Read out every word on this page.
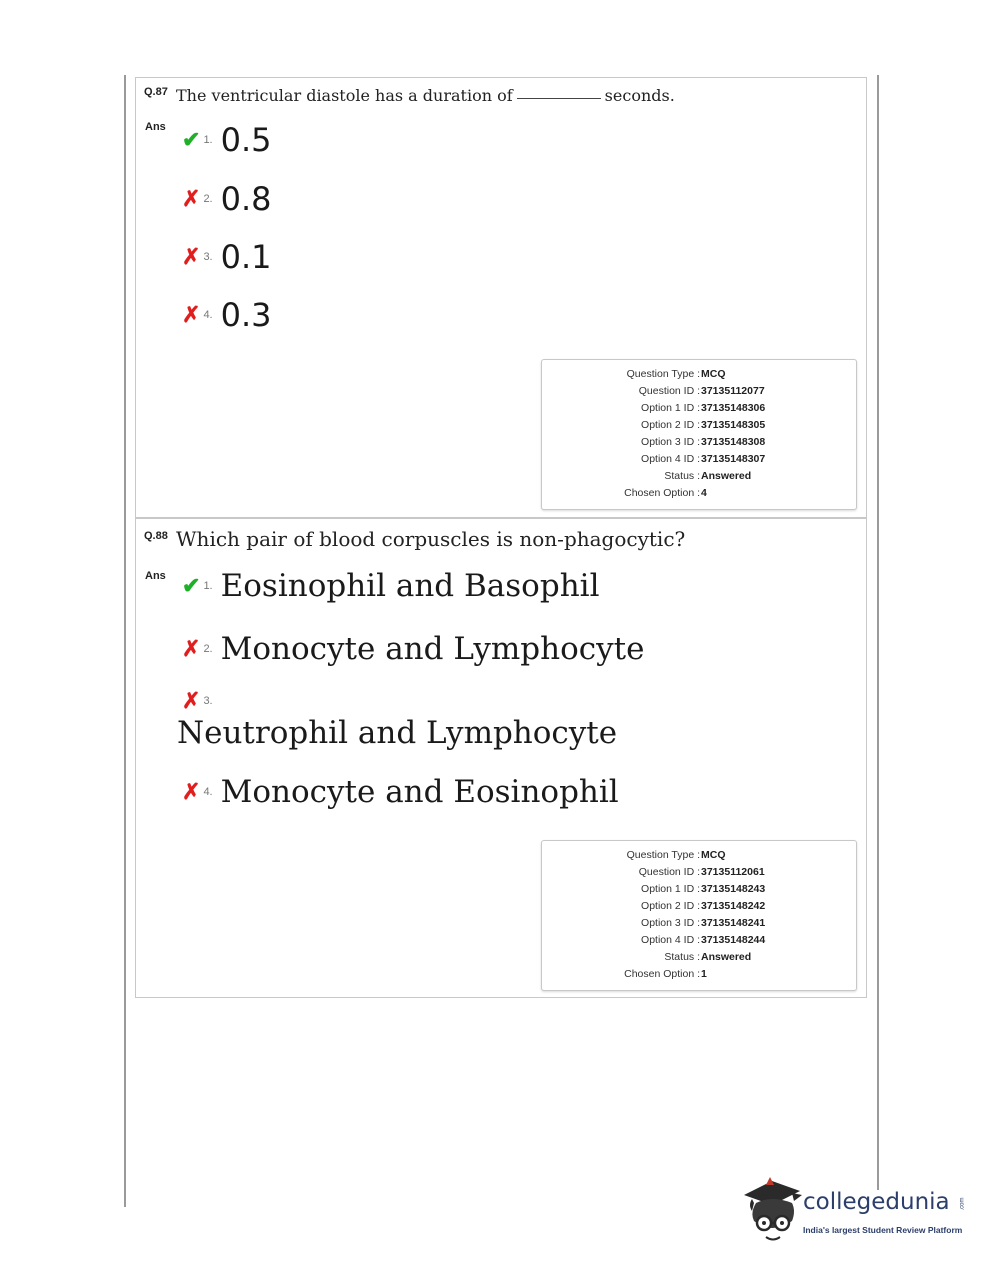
Q.87 The ventricular diastole has a duration of	seconds.
Ans ✔ 1. 0.5
✗ 2. 0.8
✗ 3. 0.1
✗ 4. 0.3
Question Type : MCQ
Question ID : 37135112077
Option 1 ID : 37135148306
Option 2 ID : 37135148305
Option 3 ID : 37135148308
Option 4 ID : 37135148307
Status : Answered
Chosen Option : 4
Q.88 Which pair of blood corpuscles is non-phagocytic?
Ans ✔ 1. Eosinophil and Basophil
✗ 2. Monocyte and Lymphocyte
✗ 3.
Neutrophil and Lymphocyte
✗ 4. Monocyte and Eosinophil
Question Type : MCQ
Question ID : 37135112061
Option 1 ID : 37135148243
Option 2 ID : 37135148242
Option 3 ID : 37135148241
Option 4 ID : 37135148244
Status : Answered
Chosen Option : 1
collegedunia .com
India's largest Student Review Platform
